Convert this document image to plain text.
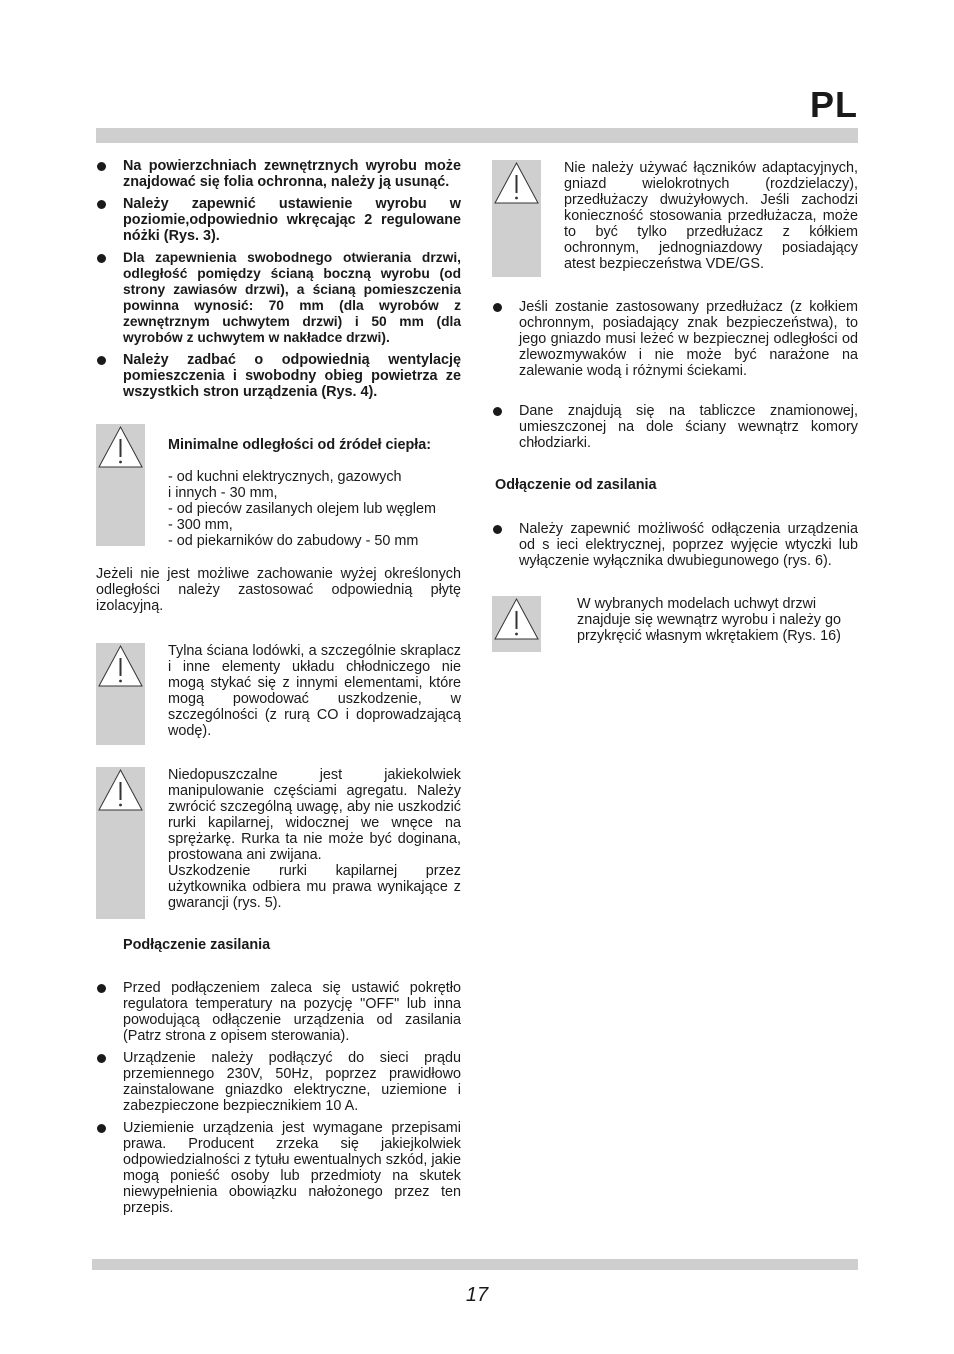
PL
Na powierzchniach zewnętrznych wyrobu może znajdować się folia ochronna, należy ją usunąć.
Należy zapewnić ustawienie wyrobu w poziomie,odpowiednio wkręcając 2 regulowane nóżki (Rys. 3).
Dla zapewnienia swobodnego otwierania drzwi, odległość pomiędzy ścianą boczną wyrobu (od strony zawiasów drzwi), a ścianą pomieszczenia powinna wynosić: 70 mm (dla wyrobów z zewnętrznym uchwytem drzwi) i 50 mm (dla wyrobów z uchwytem w nakładce drzwi).
Należy zadbać o odpowiednią wentylację pomieszczenia i swobodny obieg powietrza ze wszystkich stron urządzenia (Rys. 4).

Minimalne odległości od źródeł ciepła:

- od kuchni elektrycznych, gazowych

i innych - 30 mm,

- od pieców zasilanych olejem lub węglem

- 300 mm,

- od piekarników do zabudowy - 50 mm

Jeżeli nie jest możliwe zachowanie wyżej określonych odległości należy zastosować odpowiednią płytę izolacyjną.

Tylna ściana lodówki, a szczególnie skraplacz i inne elementy układu chłodniczego nie mogą stykać się z innymi elementami, które mogą powodować uszkodzenie, w szczególności (z rurą CO i doprowadzającą wodę).

Niedopuszczalne jest jakiekolwiek manipulowanie częściami agregatu. Należy zwrócić szczególną uwagę, aby nie uszkodzić rurki kapilarnej, widocznej we wnęce na sprężarkę. Rurka ta nie może być doginana, prostowana ani zwijana.

Uszkodzenie rurki kapilarnej przez użytkownika odbiera mu prawa wynikające z gwarancji (rys. 5).

Podłączenie zasilania

Przed podłączeniem zaleca się ustawić pokrętło regulatora temperatury na pozycję "OFF" lub inna powodującą odłączenie urządzenia od zasilania (Patrz strona z opisem sterowania).
Urządzenie należy podłączyć do sieci prądu przemiennego 230V, 50Hz, poprzez prawidłowo zainstalowane gniazdko elektryczne, uziemione i zabezpieczone bezpiecznikiem 10 A.
Uziemienie urządzenia jest wymagane przepisami prawa. Producent zrzeka się jakiejkolwiek odpowiedzialności z tytułu ewentualnych szkód, jakie mogą ponieść osoby lub przedmioty na skutek niewypełnienia obowiązku nałożonego przez ten przepis.

Nie należy używać łączników adaptacyjnych, gniazd wielokrotnych (rozdzielaczy), przedłużaczy dwużyłowych. Jeśli zachodzi konieczność stosowania przedłużacza, może to być tylko przedłużacz z kółkiem ochronnym, jednogniazdowy posiadający atest bezpieczeństwa VDE/GS.

Jeśli zostanie zastosowany przedłużacz (z kołkiem ochronnym, posiadający znak bezpieczeństwa), to jego gniazdo musi leżeć w bezpiecznej odległości od zlewozmywaków i nie może być narażone na zalewanie wodą i różnymi ściekami.
Dane znajdują się na tabliczce znamionowej, umieszczonej na dole ściany wewnątrz komory chłodziarki.

Odłączenie od zasilania

Należy zapewnić możliwość odłączenia urządzenia od s ieci elektrycznej, poprzez wyjęcie wtyczki lub wyłączenie wyłącznika dwubiegunowego (rys. 6).

W wybranych modelach uchwyt drzwi znajduje się wewnątrz wyrobu i należy go przykręcić własnym wkrętakiem (Rys. 16)

17
